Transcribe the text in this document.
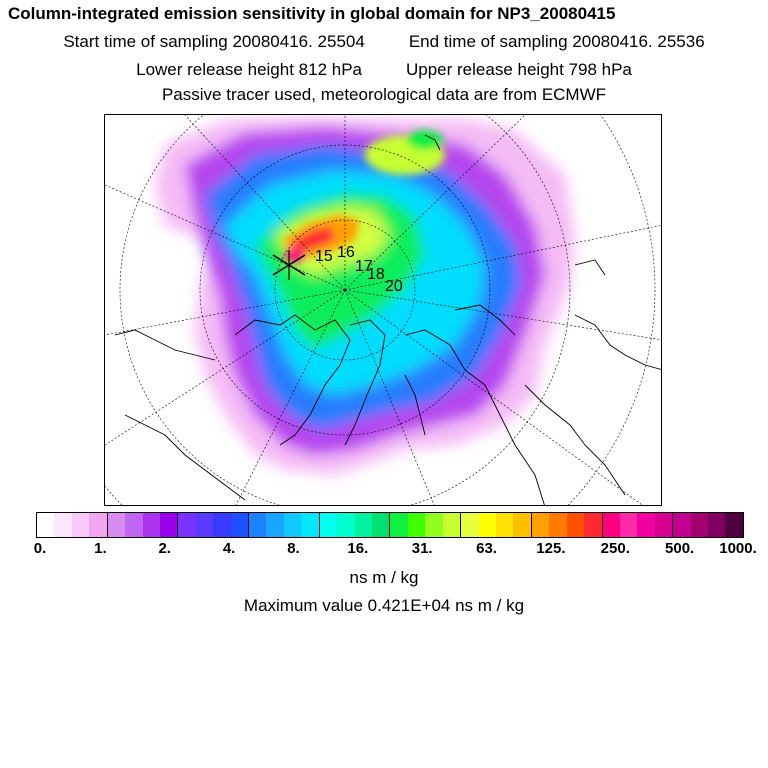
Column-integrated emission sensitivity in global domain for NP3_20080415
Start time of sampling 20080416. 25504	End time of sampling 20080416. 25536
Lower release height 812 hPa	Upper release height 798 hPa
Passive tracer used, meteorological data are from ECMWF
15 16
17
18
20
0.	1.	2.	4.	8.	16.	31.	63.	125. 250. 500. 1000.
ns m / kg
Maximum value 0.421E+04 ns m / kg
